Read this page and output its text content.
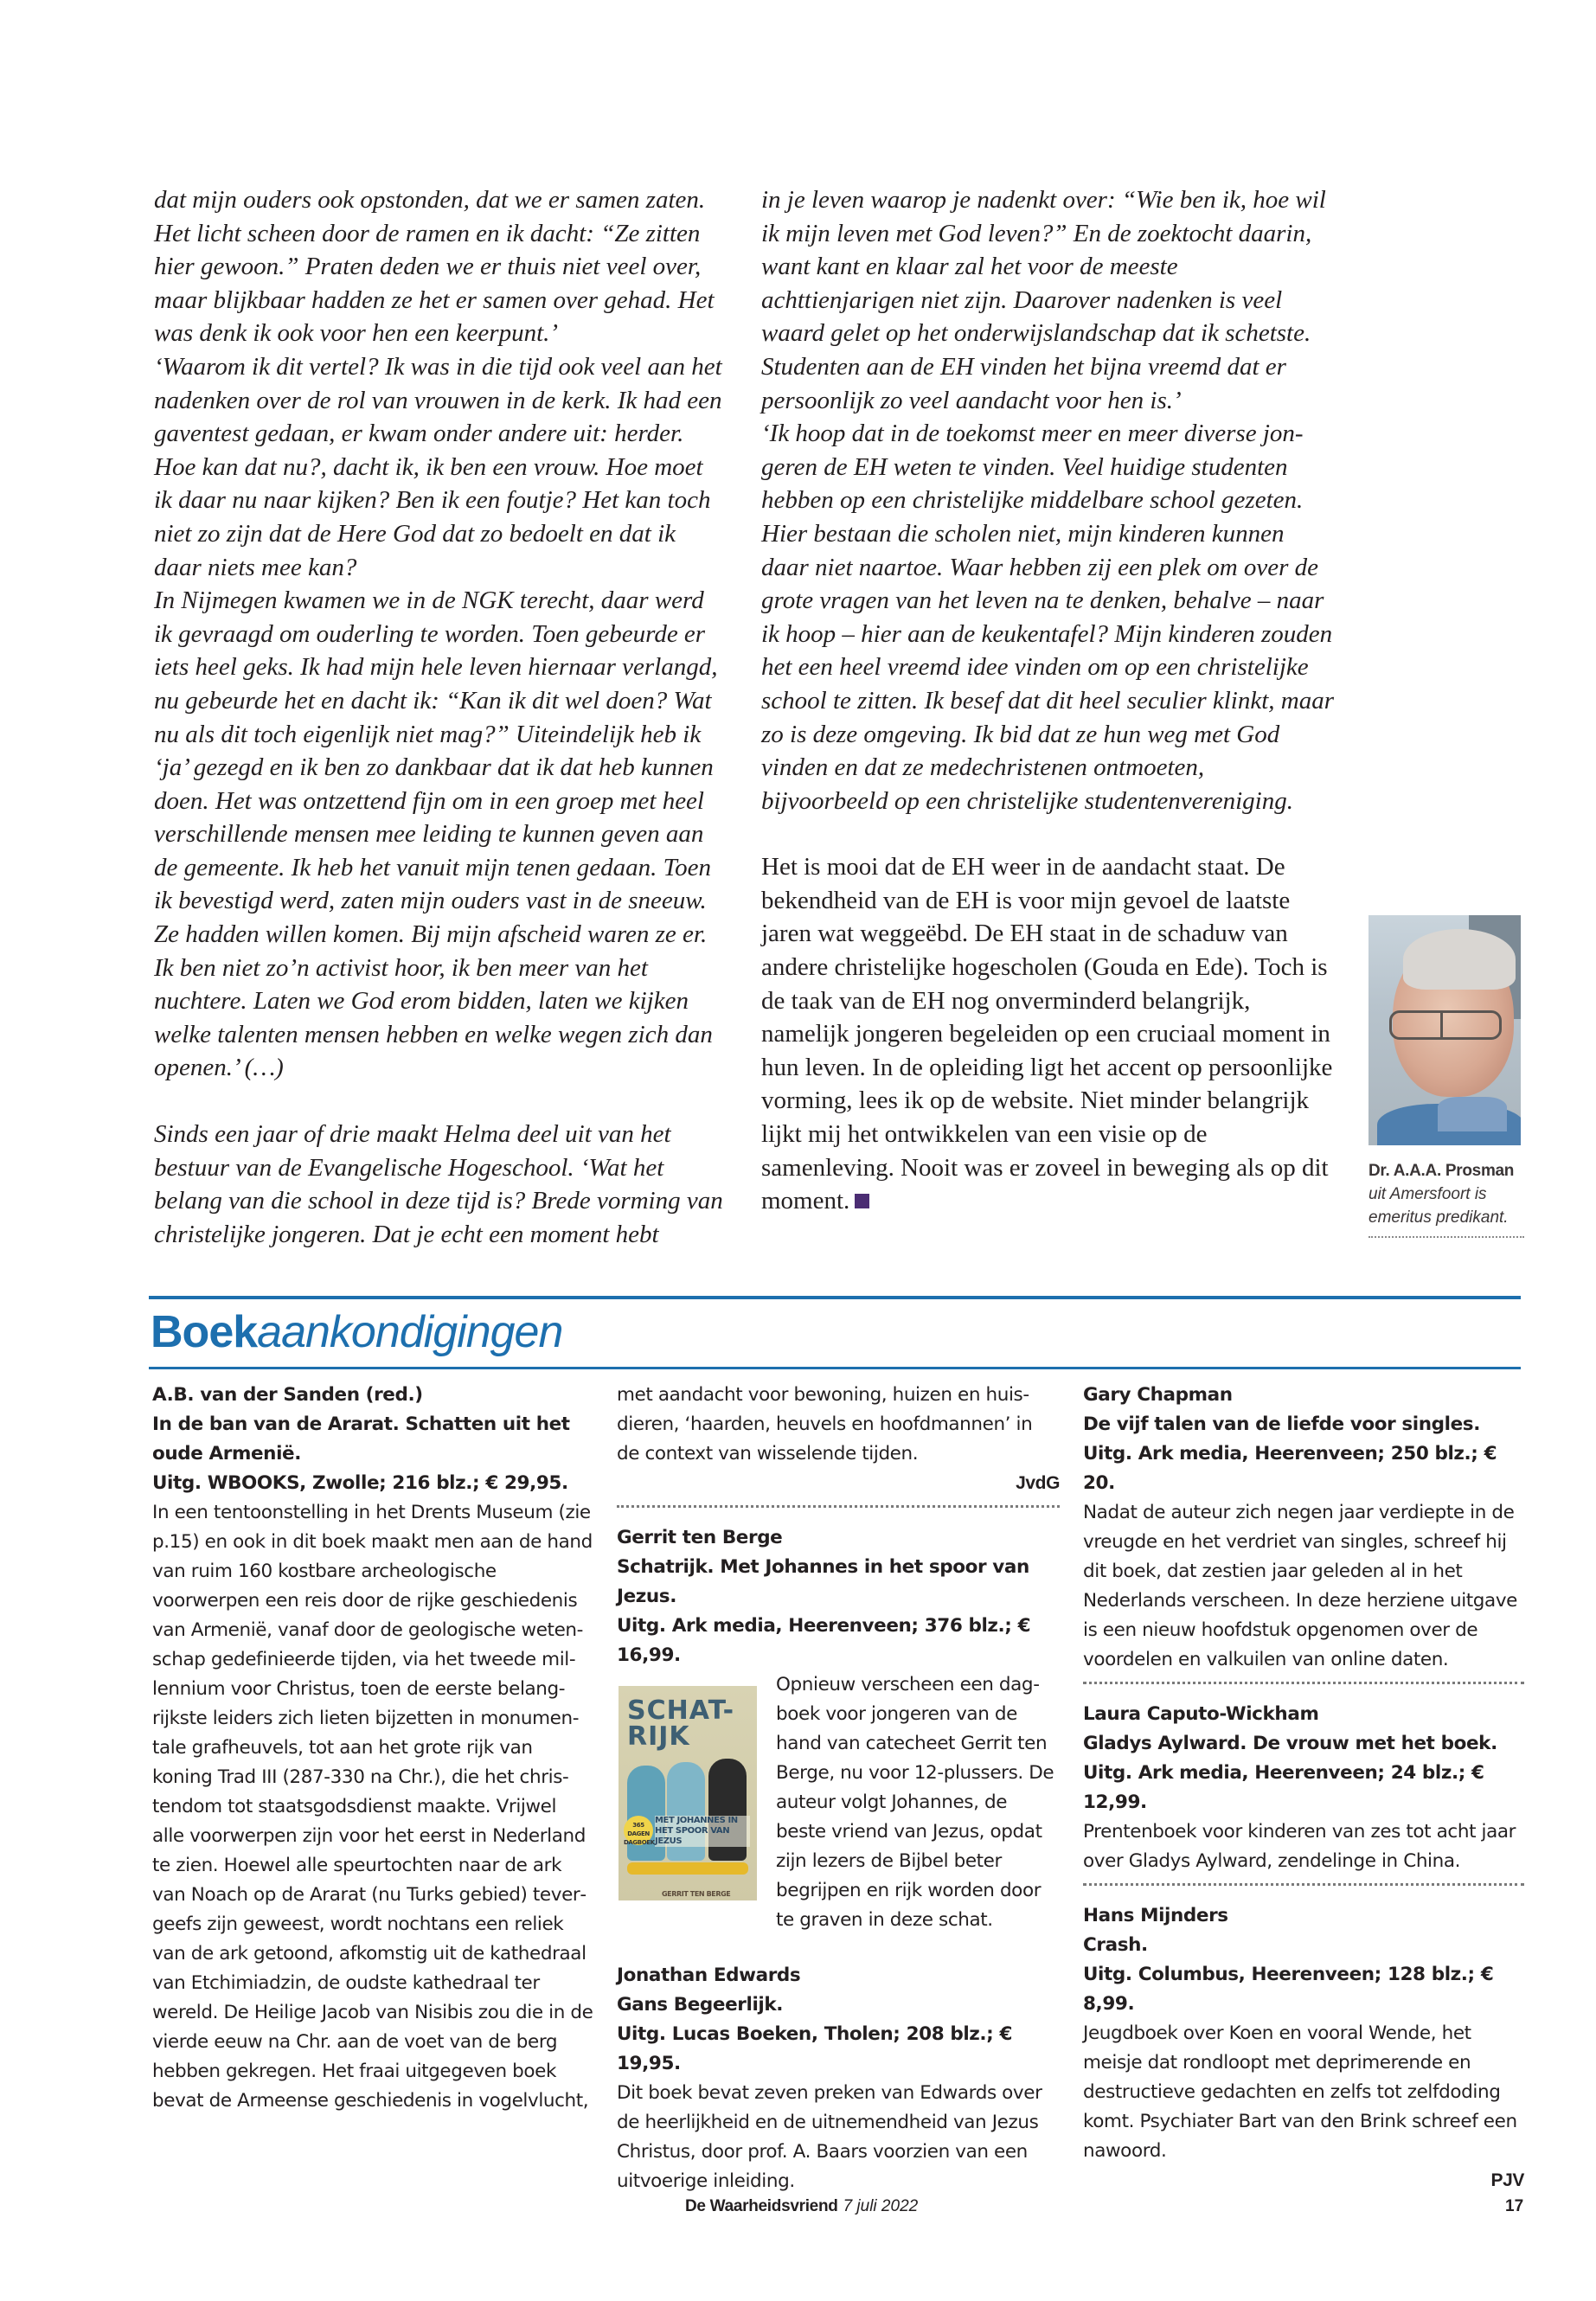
dat mijn ouders ook opstonden, dat we er samen zaten. Het licht scheen door de ramen en ik dacht: “Ze zitten hier gewoon.” Praten deden we er thuis niet veel over, maar blijkbaar hadden ze het er samen over gehad. Het was denk ik ook voor hen een keerpunt.’

‘Waarom ik dit vertel? Ik was in die tijd ook veel aan het nadenken over de rol van vrouwen in de kerk. Ik had een gaventest gedaan, er kwam onder andere uit: herder. Hoe kan dat nu?, dacht ik, ik ben een vrouw. Hoe moet ik daar nu naar kijken? Ben ik een foutje? Het kan toch niet zo zijn dat de Here God dat zo bedoelt en dat ik daar niets mee kan?

In Nijmegen kwamen we in de NGK terecht, daar werd ik gevraagd om ouderling te worden. Toen gebeurde er iets heel geks. Ik had mijn hele leven hiernaar verlangd, nu gebeurde het en dacht ik: “Kan ik dit wel doen? Wat nu als dit toch eigenlijk niet mag?” Uiteindelijk heb ik ‘ja’ gezegd en ik ben zo dankbaar dat ik dat heb kunnen doen. Het was ontzettend fijn om in een groep met heel verschillende mensen mee leiding te kunnen geven aan de gemeente. Ik heb het vanuit mijn tenen gedaan. Toen ik bevestigd werd, zaten mijn ouders vast in de sneeuw. Ze hadden willen komen. Bij mijn afscheid waren ze er. Ik ben niet zo’n activist hoor, ik ben meer van het nuchtere. Laten we God erom bidden, laten we kijken welke talenten mensen hebben en welke wegen zich dan openen.’ (…)

Sinds een jaar of drie maakt Helma deel uit van het bestuur van de Evangelische Hogeschool. ‘Wat het belang van die school in deze tijd is? Brede vorming van christelijke jongeren. Dat je echt een moment hebt

in je leven waarop je nadenkt over: “Wie ben ik, hoe wil ik mijn leven met God leven?” En de zoektocht daarin, want kant en klaar zal het voor de meeste achttienjarigen niet zijn. Daarover nadenken is veel waard gelet op het onderwijslandschap dat ik schetste. Studenten aan de EH vinden het bijna vreemd dat er persoonlijk zo veel aandacht voor hen is.’

‘Ik hoop dat in de toekomst meer en meer diverse jongeren de EH weten te vinden. Veel huidige studenten hebben op een christelijke middelbare school gezeten. Hier bestaan die scholen niet, mijn kinderen kunnen daar niet naartoe. Waar hebben zij een plek om over de grote vragen van het leven na te denken, behalve – naar ik hoop – hier aan de keukentafel? Mijn kinderen zouden het een heel vreemd idee vinden om op een christelijke school te zitten. Ik besef dat dit heel seculier klinkt, maar zo is deze omgeving. Ik bid dat ze hun weg met God vinden en dat ze medechristenen ontmoeten, bijvoorbeeld op een christelijke studentenvereniging.

Het is mooi dat de EH weer in de aandacht staat. De bekendheid van de EH is voor mijn gevoel de laatste jaren wat weggeëbd. De EH staat in de schaduw van andere christelijke hogescholen (Gouda en Ede). Toch is de taak van de EH nog onverminderd belangrijk, namelijk jongeren begeleiden op een cruciaal moment in hun leven. In de opleiding ligt het accent op persoonlijke vorming, lees ik op de website. Niet minder belangrijk lijkt mij het ontwikkelen van een visie op de samenleving. Nooit was er zoveel in beweging als op dit moment.

Dr. A.A.A. Prosman
uit Amersfoort is emeritus predikant.
Boekaankondigingen
A.B. van der Sanden (red.)
In de ban van de Ararat. Schatten uit het oude Armenië.
Uitg. WBOOKS, Zwolle; 216 blz.; € 29,95.
In een tentoonstelling in het Drents Museum (zie p.15) en ook in dit boek maakt men aan de hand van ruim 160 kostbare archeologische voorwerpen een reis door de rijke geschiedenis van Armenië, vanaf door de geologische wetenschap gedefinieerde tijden, via het tweede millennium voor Christus, toen de eerste belangrijkste leiders zich lieten bijzetten in monumentale grafheuvels, tot aan het grote rijk van koning Trad III (287-330 na Chr.), die het christendom tot staatsgodsdienst maakte. Vrijwel alle voorwerpen zijn voor het eerst in Nederland te zien. Hoewel alle speurtochten naar de ark van Noach op de Ararat (nu Turks gebied) tevergeefs zijn geweest, wordt nochtans een reliek van de ark getoond, afkomstig uit de kathedraal van Etchimiadzin, de oudste kathedraal ter wereld. De Heilige Jacob van Nisibis zou die in de vierde eeuw na Chr. aan de voet van de berg hebben gekregen. Het fraai uitgegeven boek bevat de Armeense geschiedenis in vogelvlucht,
met aandacht voor bewoning, huizen en huisdieren, ‘haarden, heuvels en hoofdmannen’ in de context van wisselende tijden.
JvdG
Gerrit ten Berge
Schatrijk. Met Johannes in het spoor van Jezus.
Uitg. Ark media, Heerenveen; 376 blz.; € 16,99.
SCHAT-RIJK
365 DAGEN DAGBOEK
MET JOHANNES IN HET SPOOR VAN JEZUS
GERRIT TEN BERGE
Opnieuw verscheen een dagboek voor jongeren van de hand van catecheet Gerrit ten Berge, nu voor 12-plussers. De auteur volgt Johannes, de beste vriend van Jezus, opdat zijn lezers de Bijbel beter begrijpen en rijk worden door te graven in deze schat.
Jonathan Edwards
Gans Begeerlijk.
Uitg. Lucas Boeken, Tholen; 208 blz.; € 19,95.
Dit boek bevat zeven preken van Edwards over de heerlijkheid en de uitnemendheid van Jezus Christus, door prof. A. Baars voorzien van een uitvoerige inleiding.
Gary Chapman
De vijf talen van de liefde voor singles.
Uitg. Ark media, Heerenveen; 250 blz.; € 20.
Nadat de auteur zich negen jaar verdiepte in de vreugde en het verdriet van singles, schreef hij dit boek, dat zestien jaar geleden al in het Nederlands verscheen. In deze herziene uitgave is een nieuw hoofdstuk opgenomen over de voordelen en valkuilen van online daten.
Laura Caputo-Wickham
Gladys Aylward. De vrouw met het boek.
Uitg. Ark media, Heerenveen; 24 blz.; € 12,99.
Prentenboek voor kinderen van zes tot acht jaar over Gladys Aylward, zendelinge in China.
Hans Mijnders
Crash.
Uitg. Columbus, Heerenveen; 128 blz.; € 8,99.
Jeugdboek over Koen en vooral Wende, het meisje dat rondloopt met deprimerende en destructieve gedachten en zelfs tot zelfdoding komt. Psychiater Bart van den Brink schreef een nawoord.
PJV
De Waarheidsvriend 7 juli 2022	17
